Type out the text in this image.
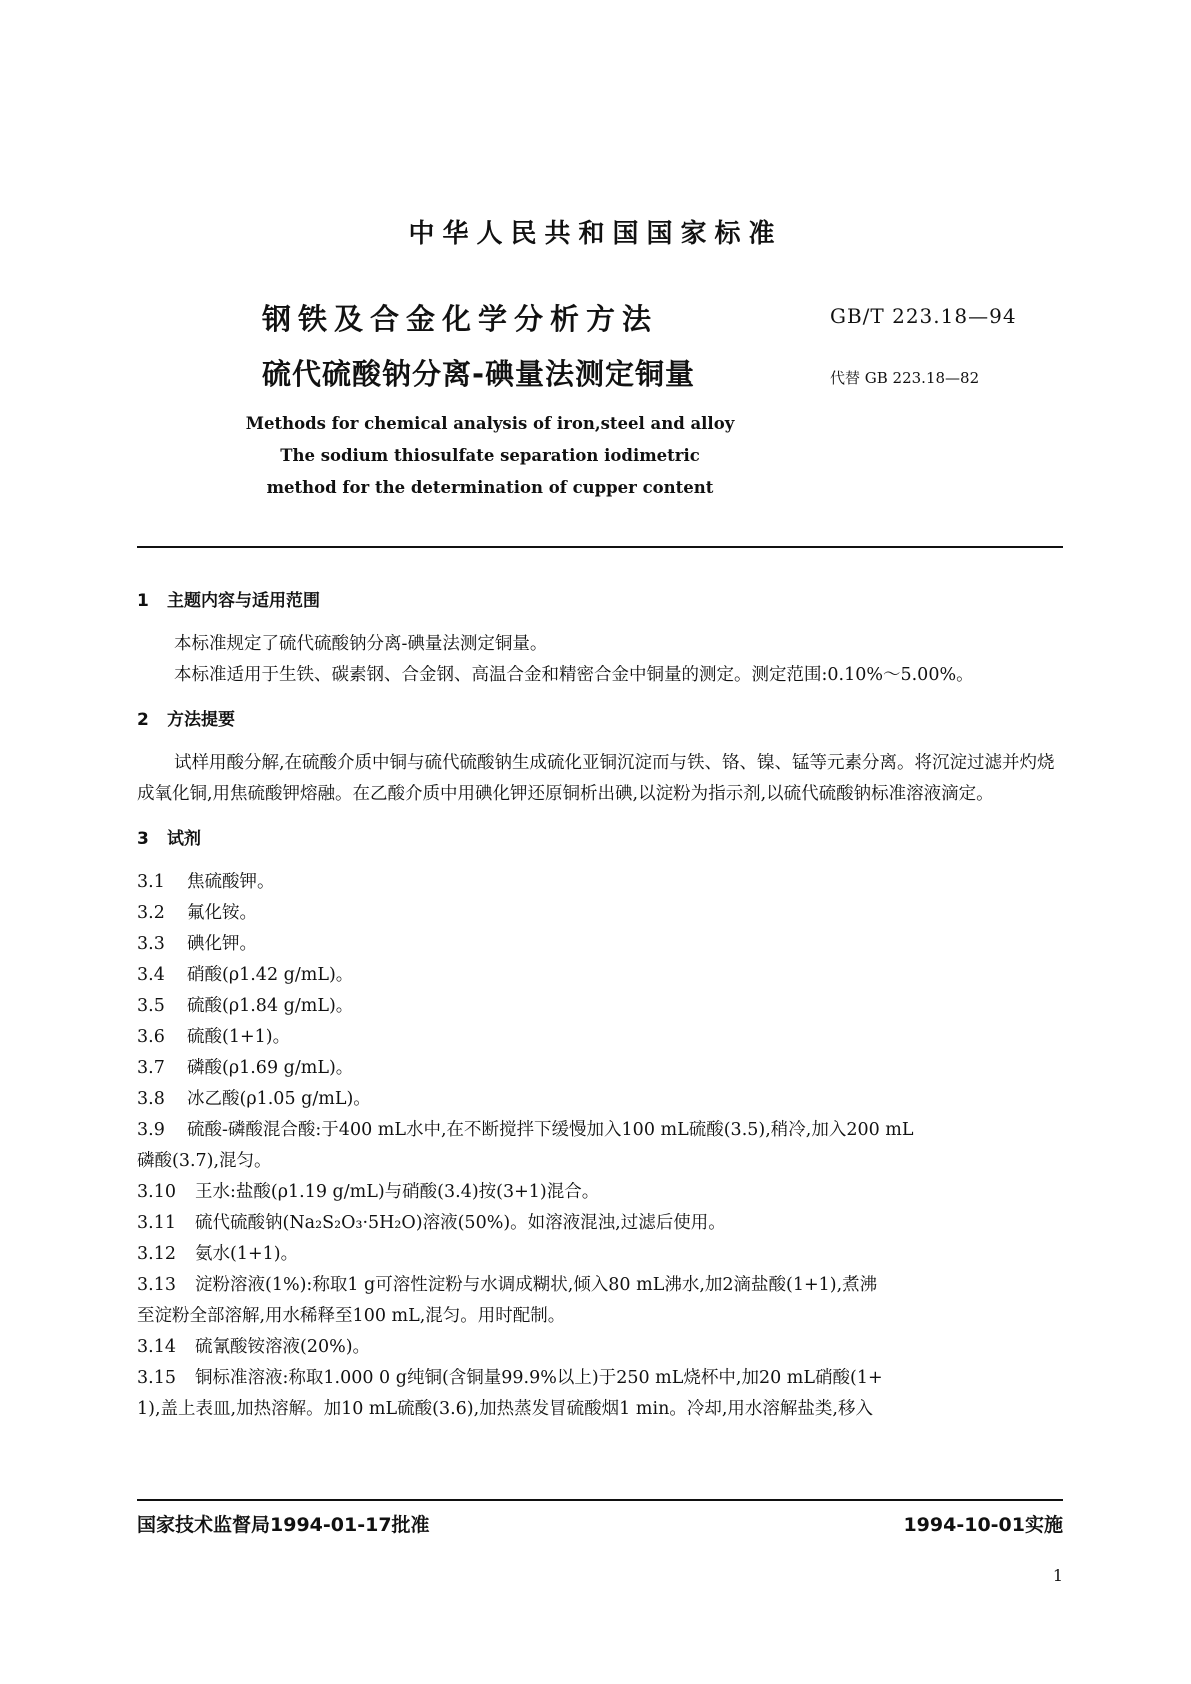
中华人民共和国国家标准
钢铁及合金化学分析方法
硫代硫酸钠分离-碘量法测定铜量
GB/T 223.18—94
代替 GB 223.18—82
Methods for chemical analysis of iron,steel and alloy
The sodium thiosulfate separation iodimetric
method for the determination of cupper content
1 主题内容与适用范围

本标准规定了硫代硫酸钠分离-碘量法测定铜量。

本标准适用于生铁、碳素钢、合金钢、高温合金和精密合金中铜量的测定。测定范围:0.10%～5.00%。

2 方法提要

试样用酸分解,在硫酸介质中铜与硫代硫酸钠生成硫化亚铜沉淀而与铁、铬、镍、锰等元素分离。将沉淀过滤并灼烧成氧化铜,用焦硫酸钾熔融。在乙酸介质中用碘化钾还原铜析出碘,以淀粉为指示剂,以硫代硫酸钠标准溶液滴定。

3 试剂
3.1	焦硫酸钾。
3.2	氟化铵。
3.3	碘化钾。
3.4	硝酸(ρ1.42 g/mL)。
3.5	硫酸(ρ1.84 g/mL)。
3.6	硫酸(1+1)。
3.7	磷酸(ρ1.69 g/mL)。
3.8	冰乙酸(ρ1.05 g/mL)。
3.9	硫酸-磷酸混合酸:于400 mL水中,在不断搅拌下缓慢加入100 mL硫酸(3.5),稍冷,加入200 mL

磷酸(3.7),混匀。

3.10	王水:盐酸(ρ1.19 g/mL)与硝酸(3.4)按(3+1)混合。
3.11	硫代硫酸钠(Na₂S₂O₃·5H₂O)溶液(50%)。如溶液混浊,过滤后使用。
3.12	氨水(1+1)。
3.13	淀粉溶液(1%):称取1 g可溶性淀粉与水调成糊状,倾入80 mL沸水,加2滴盐酸(1+1),煮沸

至淀粉全部溶解,用水稀释至100 mL,混匀。用时配制。

3.14	硫氰酸铵溶液(20%)。
3.15	铜标准溶液:称取1.000 0 g纯铜(含铜量99.9%以上)于250 mL烧杯中,加20 mL硝酸(1+

1),盖上表皿,加热溶解。加10 mL硫酸(3.6),加热蒸发冒硫酸烟1 min。冷却,用水溶解盐类,移入

国家技术监督局1994-01-17批准	1994-10-01实施
1
